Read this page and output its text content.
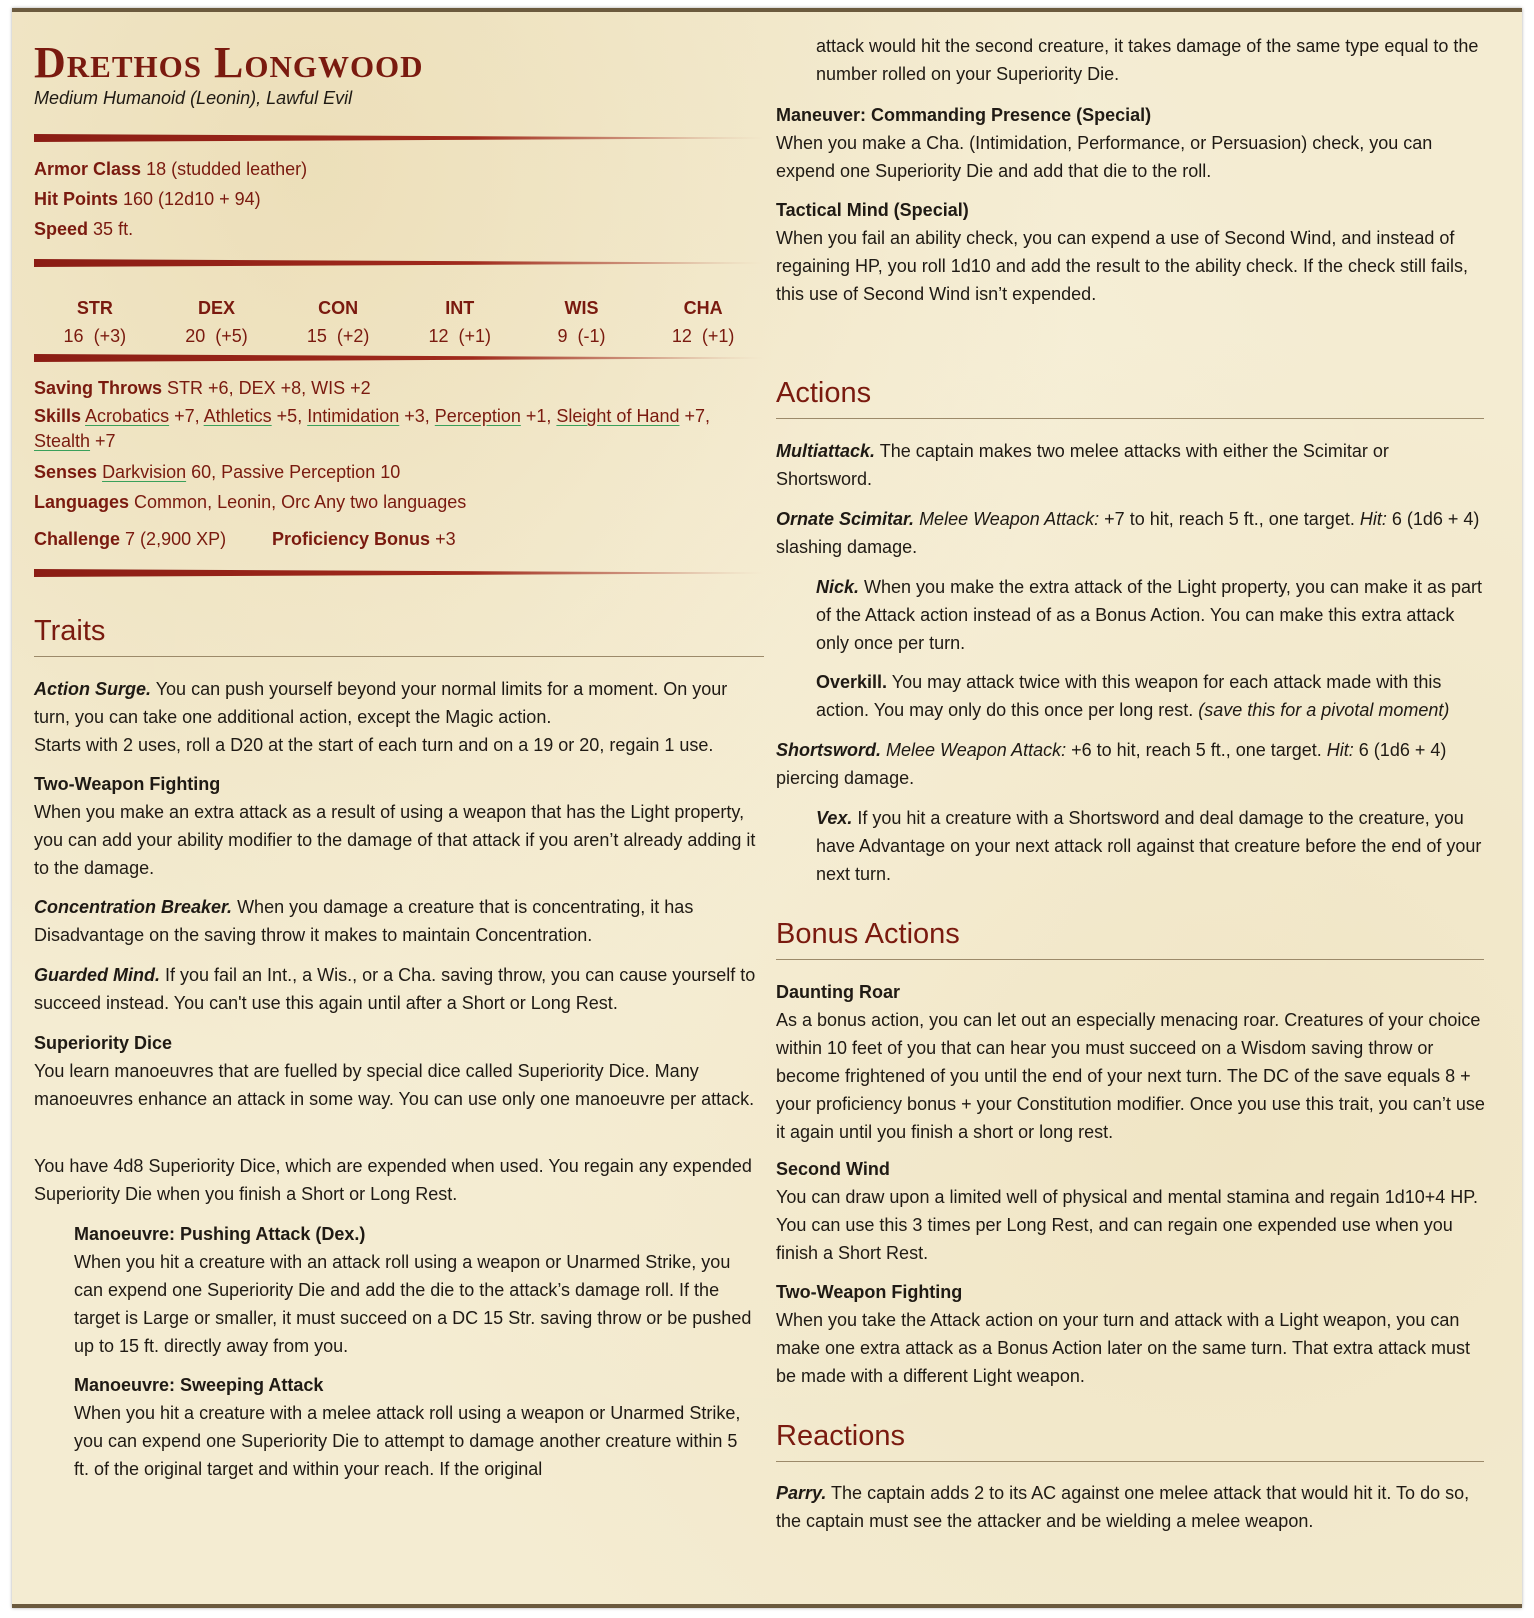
Drethos Longwood
Medium Humanoid (Leonin), Lawful Evil
Armor Class 18 (studded leather)
Hit Points 160 (12d10 + 94)
Speed 35 ft.
STR
16  (+3)
DEX
20  (+5)
CON
15  (+2)
INT
12  (+1)
WIS
9  (-1)
CHA
12  (+1)
Saving Throws STR +6, DEX +8, WIS +2
Skills Acrobatics +7, Athletics +5, Intimidation +3, Perception +1, Sleight of Hand +7, Stealth +7
Senses Darkvision 60, Passive Perception 10
Languages Common, Leonin, Orc Any two languages
Challenge 7 (2,900 XP)	Proficiency Bonus +3
Traits

Action Surge. You can push yourself beyond your normal limits for a moment. On your turn, you can take one additional action, except the Magic action.

Starts with 2 uses, roll a D20 at the start of each turn and on a 19 or 20, regain 1 use.

Two-Weapon Fighting

When you make an extra attack as a result of using a weapon that has the Light property, you can add your ability modifier to the damage of that attack if you aren’t already adding it to the damage.

Concentration Breaker. When you damage a creature that is concentrating, it has Disadvantage on the saving throw it makes to maintain Concentration.

Guarded Mind. If you fail an Int., a Wis., or a Cha. saving throw, you can cause yourself to succeed instead. You can't use this again until after a Short or Long Rest.

Superiority Dice

You learn manoeuvres that are fuelled by special dice called Superiority Dice. Many manoeuvres enhance an attack in some way. You can use only one manoeuvre per attack.

You have 4d8 Superiority Dice, which are expended when used. You regain any expended Superiority Die when you finish a Short or Long Rest.

Manoeuvre: Pushing Attack (Dex.)

When you hit a creature with an attack roll using a weapon or Unarmed Strike, you can expend one Superiority Die and add the die to the attack’s damage roll. If the target is Large or smaller, it must succeed on a DC 15 Str. saving throw or be pushed up to 15 ft. directly away from you.

Manoeuvre: Sweeping Attack

When you hit a creature with a melee attack roll using a weapon or Unarmed Strike, you can expend one Superiority Die to attempt to damage another creature within 5 ft. of the original target and within your reach. If the original

attack would hit the second creature, it takes damage of the same type equal to the number rolled on your Superiority Die.

Maneuver: Commanding Presence (Special)

When you make a Cha. (Intimidation, Performance, or Persuasion) check, you can expend one Superiority Die and add that die to the roll.

Tactical Mind (Special)

When you fail an ability check, you can expend a use of Second Wind, and instead of regaining HP, you roll 1d10 and add the result to the ability check. If the check still fails, this use of Second Wind isn’t expended.

Actions

Multiattack. The captain makes two melee attacks with either the Scimitar or Shortsword.

Ornate Scimitar. Melee Weapon Attack: +7 to hit, reach 5 ft., one target. Hit: 6 (1d6 + 4) slashing damage.

Nick. When you make the extra attack of the Light property, you can make it as part of the Attack action instead of as a Bonus Action. You can make this extra attack only once per turn.

Overkill. You may attack twice with this weapon for each attack made with this action. You may only do this once per long rest. (save this for a pivotal moment)

Shortsword. Melee Weapon Attack: +6 to hit, reach 5 ft., one target. Hit: 6 (1d6 + 4) piercing damage.

Vex. If you hit a creature with a Shortsword and deal damage to the creature, you have Advantage on your next attack roll against that creature before the end of your next turn.

Bonus Actions

Daunting Roar

As a bonus action, you can let out an especially menacing roar. Creatures of your choice within 10 feet of you that can hear you must succeed on a Wisdom saving throw or become frightened of you until the end of your next turn. The DC of the save equals 8 + your proficiency bonus + your Constitution modifier. Once you use this trait, you can’t use it again until you finish a short or long rest.

Second Wind

You can draw upon a limited well of physical and mental stamina and regain 1d10+4 HP. You can use this 3 times per Long Rest, and can regain one expended use when you finish a Short Rest.

Two-Weapon Fighting

When you take the Attack action on your turn and attack with a Light weapon, you can make one extra attack as a Bonus Action later on the same turn. That extra attack must be made with a different Light weapon.

Reactions

Parry. The captain adds 2 to its AC against one melee attack that would hit it. To do so, the captain must see the attacker and be wielding a melee weapon.
